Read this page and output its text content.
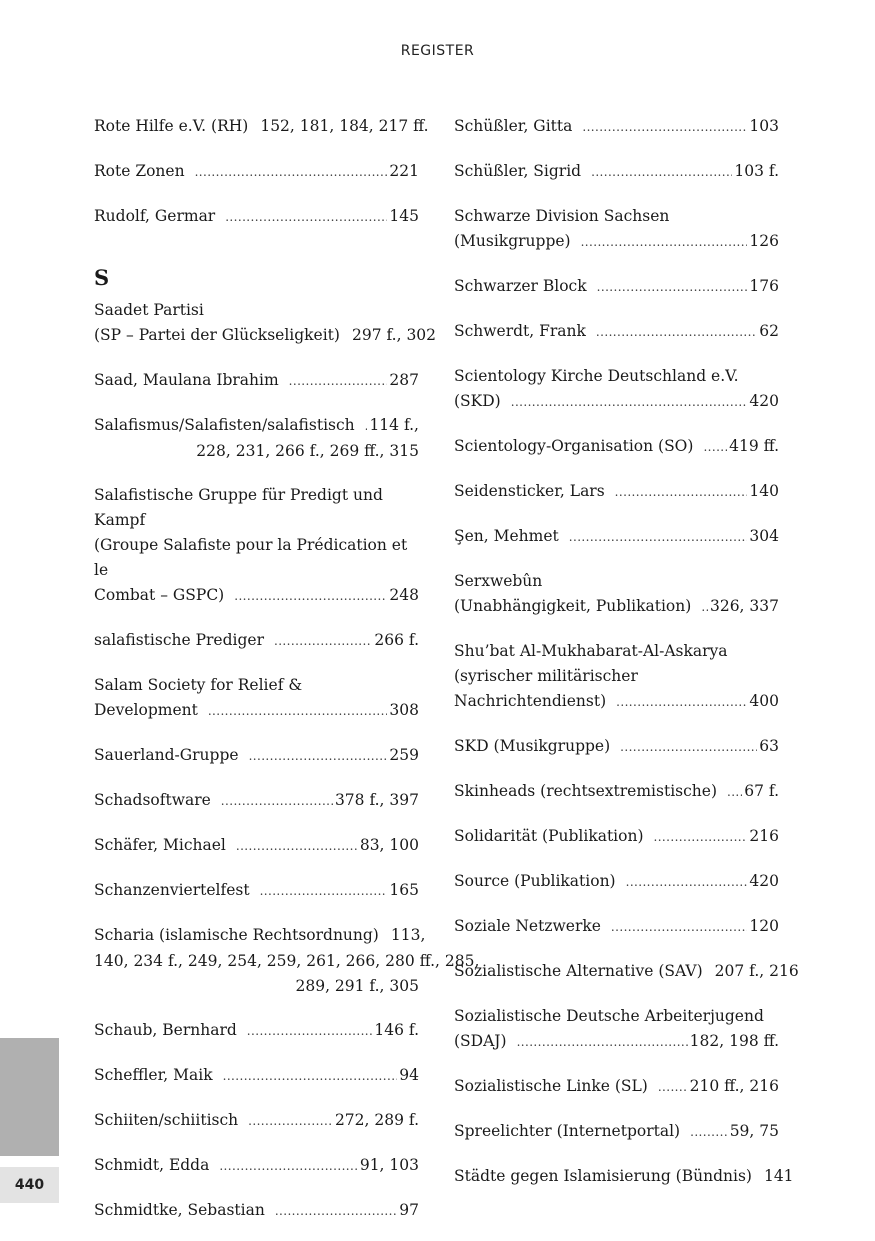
REGISTER
Rote Hilfe e.V. (RH) 152, 181, 184, 217 ff.
Rote Zonen .....	221
Rudolf, Germar .....	145
S
Saadet Partisi
(SP – Partei der Glückseligkeit) 297 f., 302
Saad, Maulana Ibrahim .....	287
Salafismus/Salafisten/salafistisch ..... 114 f.,
228, 231, 266 f., 269 ff., 315
Salafistische Gruppe für Predigt und Kampf
(Groupe Salafiste pour la Prédication et le
Combat – GSPC) .....	248
salafistische Prediger .....	266 f.
Salam Society for Relief &
Development .....	308
Sauerland-Gruppe .....	259
Schadsoftware .....	378 f., 397
Schäfer, Michael .....	83, 100
Schanzenviertelfest .....	165
Scharia (islamische Rechtsordnung) 113,
140, 234 f., 249, 254, 259, 261, 266, 280 ff., 285,
289, 291 f., 305
Schaub, Bernhard .....	146 f.
Scheffler, Maik .....	94
Schiiten/schiitisch .....	272, 289 f.
Schmidt, Edda .....	91, 103
Schmidtke, Sebastian .....	97
Schüßler, Gitta .....	103
Schüßler, Sigrid .....	103 f.
Schwarze Division Sachsen
(Musikgruppe) .....	126
Schwarzer Block .....	176
Schwerdt, Frank .....	62
Scientology Kirche Deutschland e.V.
(SKD) .....	420
Scientology-Organisation (SO) ..... 419 ff.
Seidensticker, Lars .....	140
Şen, Mehmet .....	304
Serxwebûn
(Unabhängigkeit, Publikation) ..... 326, 337
Shu’bat Al-Mukhabarat-Al-Askarya
(syrischer militärischer
Nachrichtendienst) .....	400
SKD (Musikgruppe) .....	63
Skinheads (rechtsextremistische) ..... 67 f.
Solidarität (Publikation) .....	216
Source (Publikation) .....	420
Soziale Netzwerke .....	120
Sozialistische Alternative (SAV) 207 f., 216
Sozialistische Deutsche Arbeiterjugend
(SDAJ) .....	182, 198 ff.
Sozialistische Linke (SL) .....	210 ff., 216
Spreelichter (Internetportal) .....	59, 75
Städte gegen Islamisierung (Bündnis) 141
440
